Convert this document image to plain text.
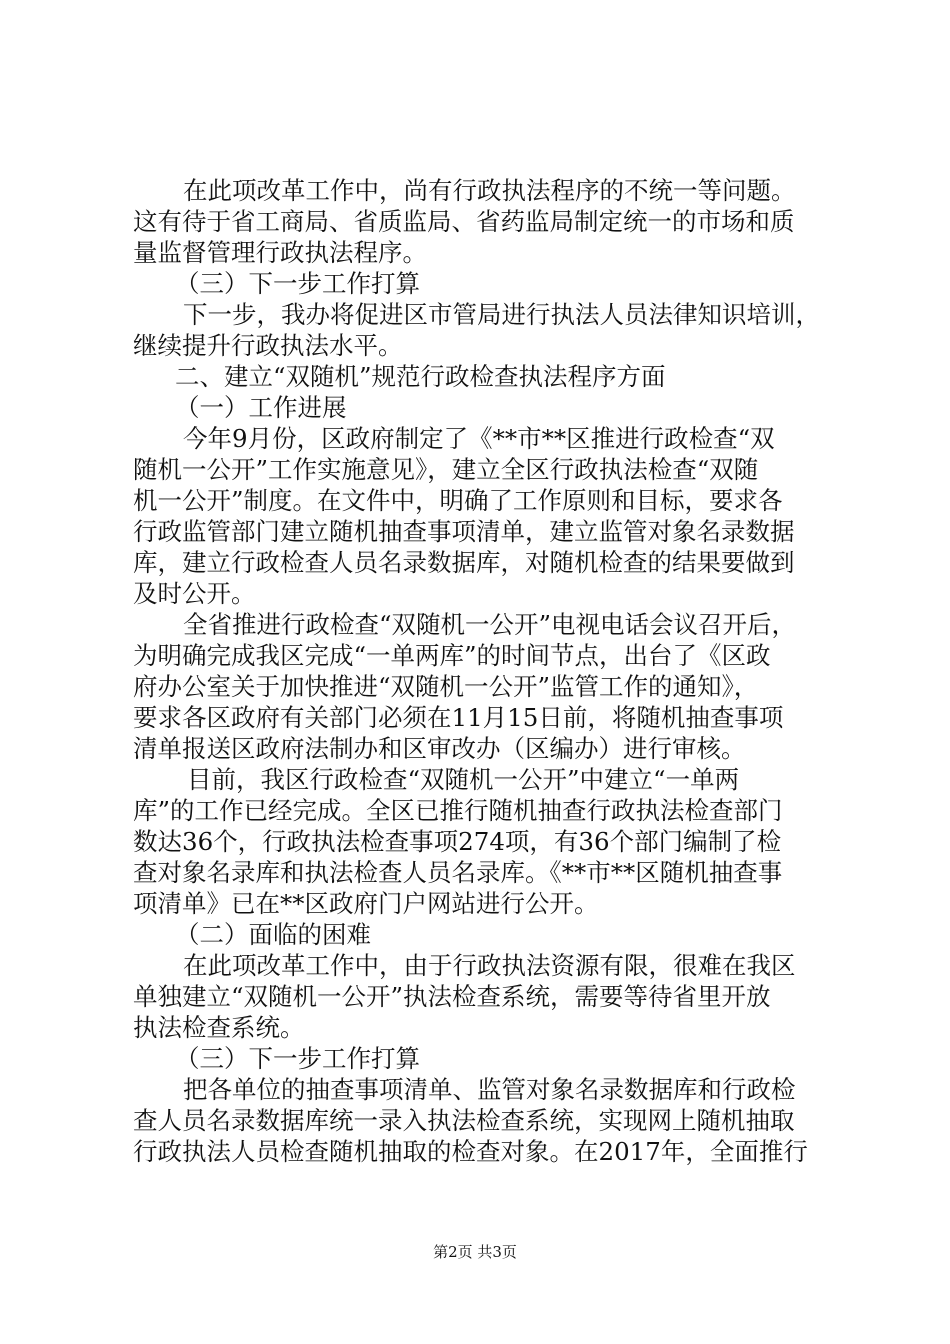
在此项改革工作中，尚有行政执法程序的不统一等问题。
这有待于省工商局、省质监局、省药监局制定统一的市场和质
量监督管理行政执法程序。
（三）下一步工作打算
下一步，我办将促进区市管局进行执法人员法律知识培训，
继续提升行政执法水平。
二、建立“双随机”规范行政检查执法程序方面
（一）工作进展
今年9月份，区政府制定了《**市**区推进行政检查“双
随机一公开”工作实施意见》，建立全区行政执法检查“双随
机一公开”制度。在文件中，明确了工作原则和目标，要求各
行政监管部门建立随机抽查事项清单，建立监管对象名录数据
库，建立行政检查人员名录数据库，对随机检查的结果要做到
及时公开。
全省推进行政检查“双随机一公开”电视电话会议召开后，
为明确完成我区完成“一单两库”的时间节点，出台了《区政
府办公室关于加快推进“双随机一公开”监管工作的通知》，
要求各区政府有关部门必须在11月15日前，将随机抽查事项
清单报送区政府法制办和区审改办（区编办）进行审核。
目前，我区行政检查“双随机一公开”中建立“一单两
库”的工作已经完成。全区已推行随机抽查行政执法检查部门
数达36个，行政执法检查事项274项，有36个部门编制了检
查对象名录库和执法检查人员名录库。《**市**区随机抽查事
项清单》已在**区政府门户网站进行公开。
（二）面临的困难
在此项改革工作中，由于行政执法资源有限，很难在我区
单独建立“双随机一公开”执法检查系统，需要等待省里开放
执法检查系统。
（三）下一步工作打算
把各单位的抽查事项清单、监管对象名录数据库和行政检
查人员名录数据库统一录入执法检查系统，实现网上随机抽取
行政执法人员检查随机抽取的检查对象。在2017年，全面推行
第2页 共3页
